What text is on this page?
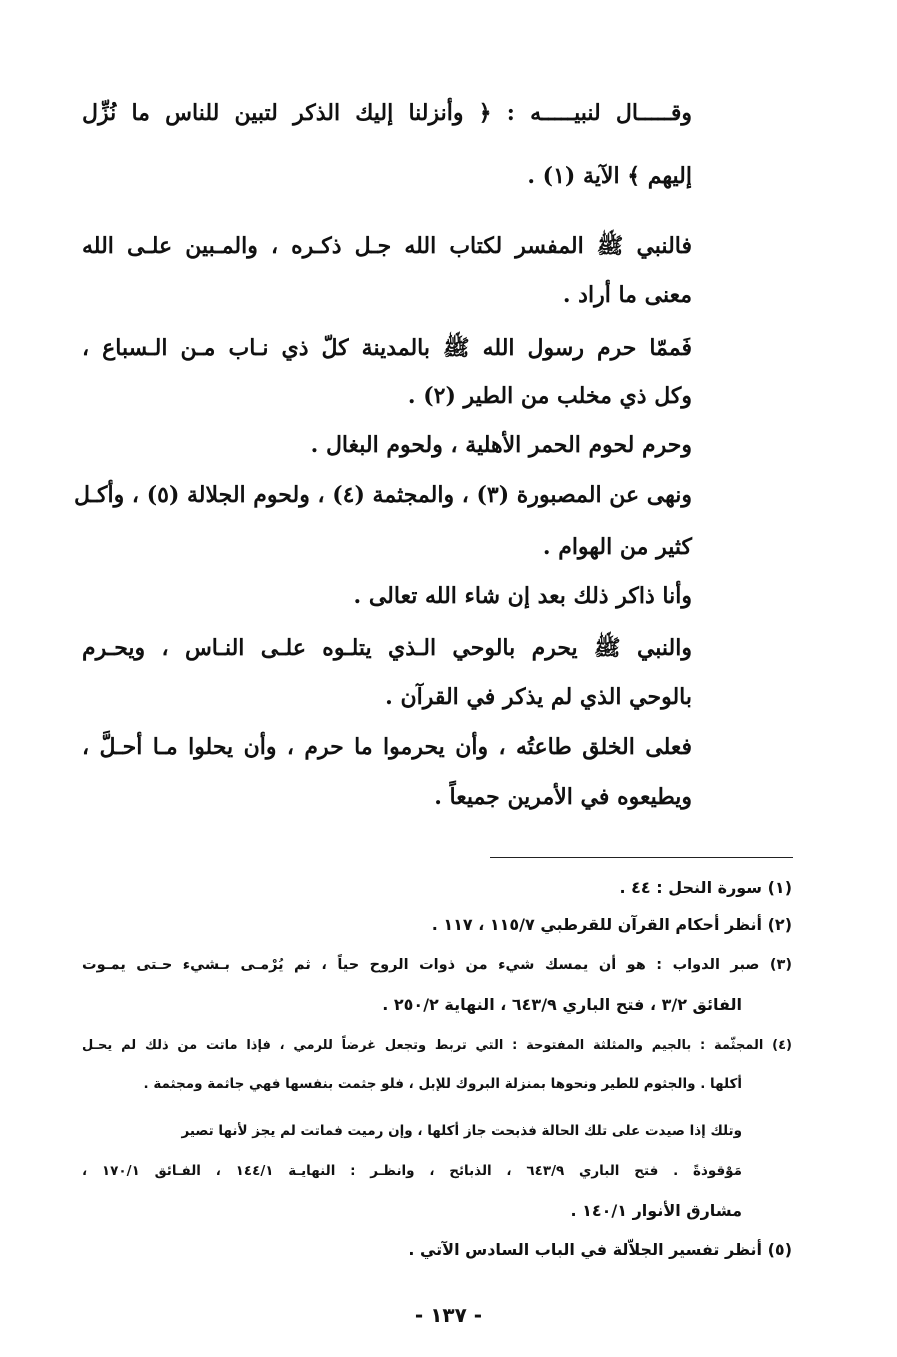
وقـــــال لنبيـــــه : ﴿ وأنزلنا إليك الذكر لتبين للناس ما نُزِّل
إليهم ﴾ الآية (١) .
فالنبي ﷺ المفسر لكتاب الله جـل ذكـره ، والمـبين علـى الله
معنى ما أراد .
فَممّا حرم رسول الله ﷺ بالمدينة كلّ ذي نـاب مـن الـسباع ،
وكل ذي مخلب من الطير (٢) .
وحرم لحوم الحمر الأهلية ، ولحوم البغال .
ونهى عن المصبورة (٣) ، والمجثمة (٤) ، ولحوم الجلالة (٥) ، وأكـل
كثير من الهوام .
وأنا ذاكر ذلك بعد إن شاء الله تعالى .
والنبي ﷺ يحرم بالوحي الـذي يتلـوه علـى النـاس ، ويحـرم
بالوحي الذي لم يذكر في القرآن .
فعلى الخلق طاعتُه ، وأن يحرموا ما حرم ، وأن يحلوا مـا أحـلَّ ،
ويطيعوه في الأمرين جميعاً .
(١) سورة النحل : ٤٤ .
(٢) أنظر أحكام القرآن للقرطبي ١١٥/٧ ، ١١٧ .
(٣) صبر الدواب : هو أن يمسك شيء من ذوات الروح حياً ، ثم يُرْمـى بـشيء حـتى يمـوت
الفائق ٣/٢ ، فتح الباري ٦٤٣/٩ ، النهاية ٢٥٠/٢ .
(٤) المجثّمة : بالجيم والمثلثة المفتوحة : التي تربط وتجعل غرضاً للرمي ، فإذا ماتت من ذلك لم يحـل
أكلها . والجثوم للطير ونحوها بمنزلة البروك للإبل ، فلو جثمت بنفسها فهي جاثمة ومجثمة .
وتلك إذا صيدت على تلك الحالة فذبحت جاز أكلها ، وإن رميت فماتت لم يجز لأنها تصير
مَوْقوذةً . فتح الباري ٦٤٣/٩ ، الذبائح ، وانظـر : النهايـة ١٤٤/١ ، الفـائق ١٧٠/١ ،
مشارق الأنوار ١٤٠/١ .
(٥) أنظر تفسير الجلاّلة في الباب السادس الآتي .
- ١٣٧ -
